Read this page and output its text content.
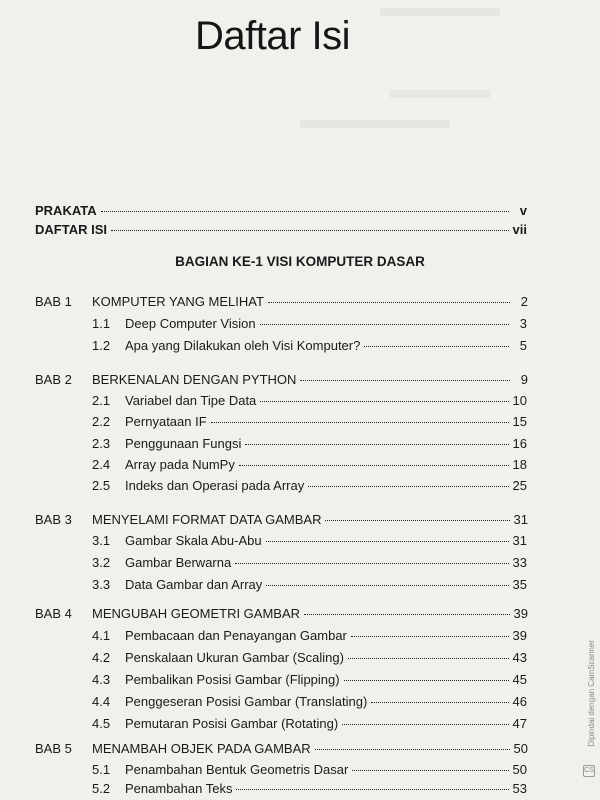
Daftar Isi
PRAKATA	v
DAFTAR ISI	vii
BAGIAN KE-1 VISI KOMPUTER DASAR
BAB 1 KOMPUTER YANG MELIHAT	2
1.1 Deep Computer Vision	3
1.2 Apa yang Dilakukan oleh Visi Komputer?	5
BAB 2 BERKENALAN DENGAN PYTHON	9
2.1 Variabel dan Tipe Data	10
2.2 Pernyataan IF	15
2.3 Penggunaan Fungsi	16
2.4 Array pada NumPy	18
2.5 Indeks dan Operasi pada Array	25
BAB 3 MENYELAMI FORMAT DATA GAMBAR	31
3.1 Gambar Skala Abu-Abu	31
3.2 Gambar Berwarna	33
3.3 Data Gambar dan Array	35
BAB 4 MENGUBAH GEOMETRI GAMBAR	39
4.1 Pembacaan dan Penayangan Gambar	39
4.2 Penskalaan Ukuran Gambar (Scaling)	43
4.3 Pembalikan Posisi Gambar (Flipping)	45
4.4 Penggeseran Posisi Gambar (Translating)	46
4.5 Pemutaran Posisi Gambar (Rotating)	47
BAB 5 MENAMBAH OBJEK PADA GAMBAR	50
5.1 Penambahan Bentuk Geometris Dasar	50
5.2 Penambahan Teks	53
Dipindai dengan CamScanner
CS
